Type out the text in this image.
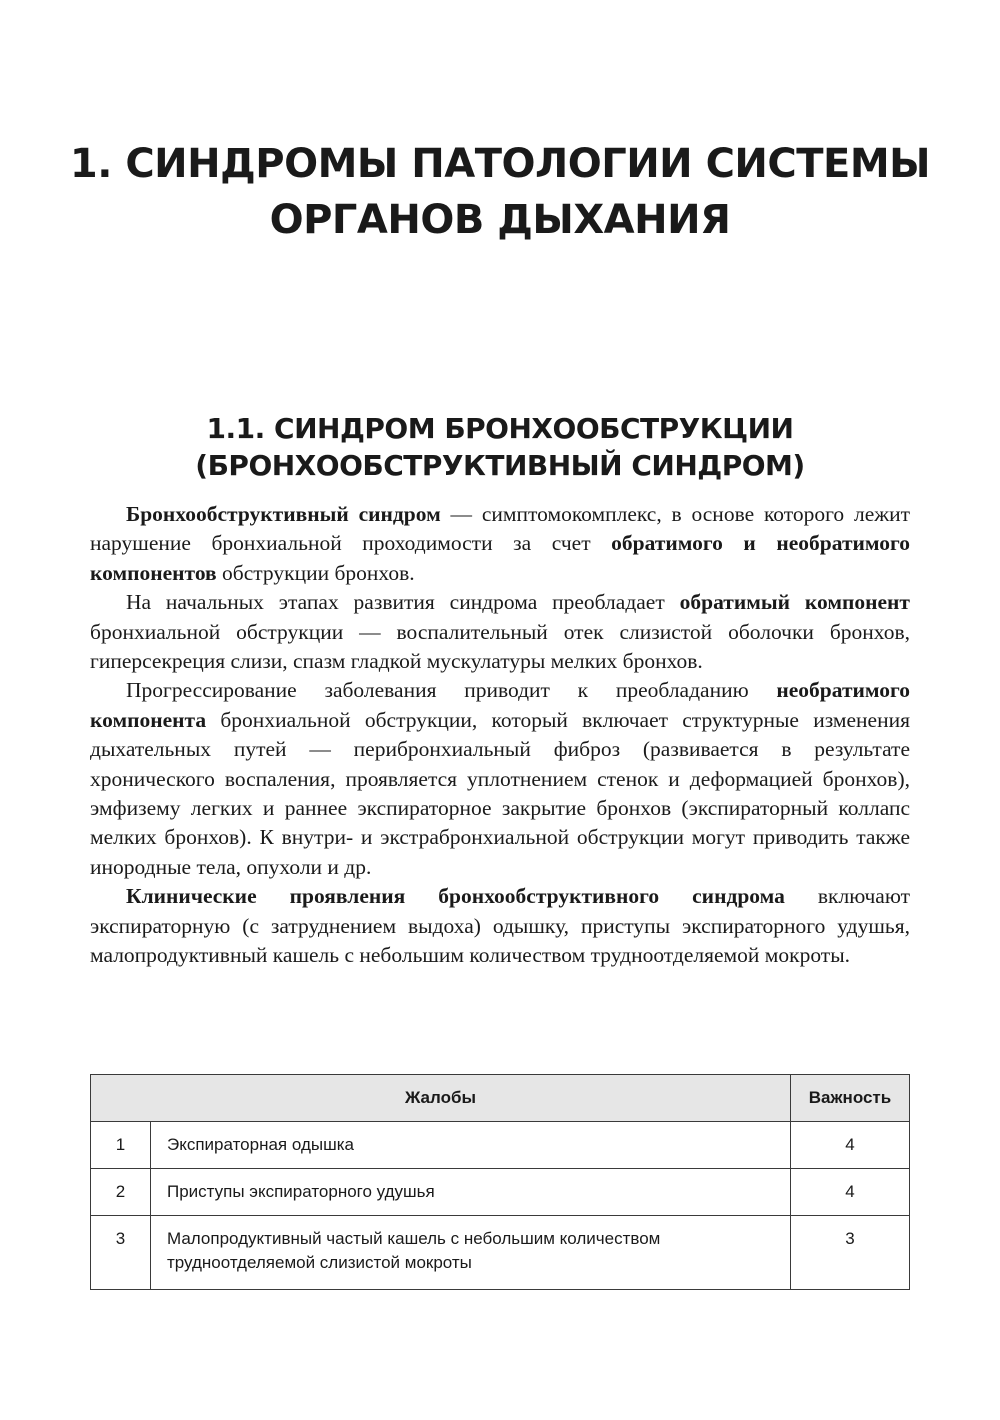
1. СИНДРОМЫ ПАТОЛОГИИ СИСТЕМЫ
ОРГАНОВ ДЫХАНИЯ
1.1. СИНДРОМ БРОНХООБСТРУКЦИИ
(БРОНХООБСТРУКТИВНЫЙ СИНДРОМ)

Бронхообструктивный синдром — симптомокомплекс, в основе которого лежит нарушение бронхиальной проходимости за счет обратимого и необратимого компонентов обструкции бронхов.

На начальных этапах развития синдрома преобладает обратимый компонент бронхиальной обструкции — воспалительный отек слизистой оболочки бронхов, гиперсекреция слизи, спазм гладкой мускулатуры мелких бронхов.

Прогрессирование заболевания приводит к преобладанию необратимого компонента бронхиальной обструкции, который включает структурные изменения дыхательных путей — перибронхиальный фиброз (развивается в результате хронического воспаления, проявляется уплотнением стенок и деформацией бронхов), эмфизему легких и раннее экспираторное закрытие бронхов (экспираторный коллапс мелких бронхов). К внутри- и экстрабронхиальной обструкции могут приводить также инородные тела, опухоли и др.

Клинические проявления бронхообструктивного синдрома включают экспираторную (с затруднением выдоха) одышку, приступы экспираторного удушья, малопродуктивный кашель с небольшим количеством трудноотделяемой мокроты.

Жалобы		Важность
1	Экспираторная одышка	4
2	Приступы экспираторного удушья	4
3	Малопродуктивный частый кашель с небольшим количеством трудноотделяемой слизистой мокроты	3
